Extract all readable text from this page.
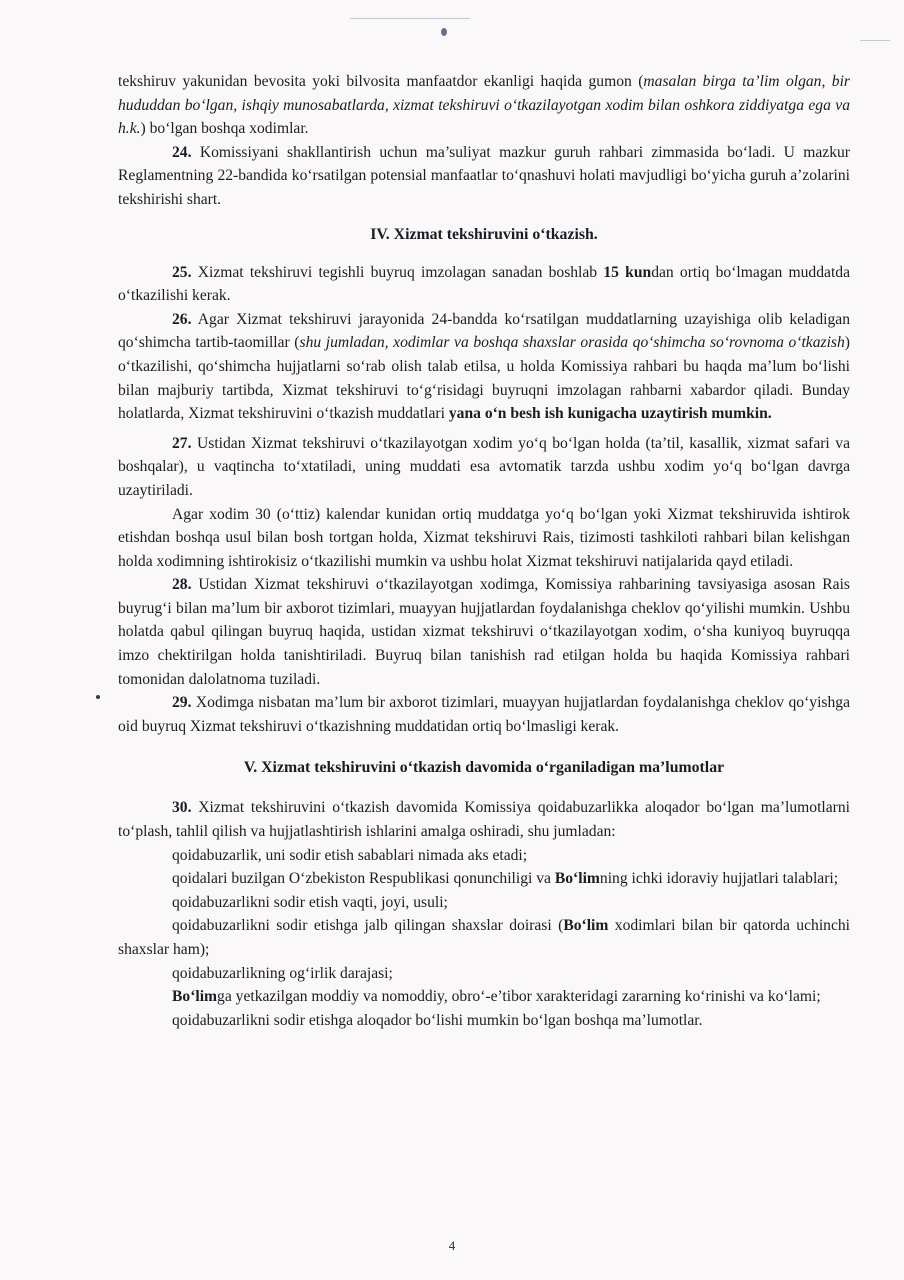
tekshiruv yakunidan bevosita yoki bilvosita manfaatdor ekanligi haqida gumon (masalan birga ta’lim olgan, bir hududdan bo‘lgan, ishqiy munosabatlarda, xizmat tekshiruvi o‘tkazilayotgan xodim bilan oshkora ziddiyatga ega va h.k.) bo‘lgan boshqa xodimlar.

24. Komissiyani shakllantirish uchun ma’suliyat mazkur guruh rahbari zimmasida bo‘ladi. U mazkur Reglamentning 22-bandida ko‘rsatilgan potensial manfaatlar to‘qnashuvi holati mavjudligi bo‘yicha guruh a’zolarini tekshirishi shart.

IV. Xizmat tekshiruvini o‘tkazish.

25. Xizmat tekshiruvi tegishli buyruq imzolagan sanadan boshlab 15 kundan ortiq bo‘lmagan muddatda o‘tkazilishi kerak.

26. Agar Xizmat tekshiruvi jarayonida 24-bandda ko‘rsatilgan muddatlarning uzayishiga olib keladigan qo‘shimcha tartib-taomillar (shu jumladan, xodimlar va boshqa shaxslar orasida qo‘shimcha so‘rovnoma o‘tkazish) o‘tkazilishi, qo‘shimcha hujjatlarni so‘rab olish talab etilsa, u holda Komissiya rahbari bu haqda ma’lum bo‘lishi bilan majburiy tartibda, Xizmat tekshiruvi to‘g‘risidagi buyruqni imzolagan rahbarni xabardor qiladi. Bunday holatlarda, Xizmat tekshiruvini o‘tkazish muddatlari yana o‘n besh ish kunigacha uzaytirish mumkin.

27. Ustidan Xizmat tekshiruvi o‘tkazilayotgan xodim yo‘q bo‘lgan holda (ta’til, kasallik, xizmat safari va boshqalar), u vaqtincha to‘xtatiladi, uning muddati esa avtomatik tarzda ushbu xodim yo‘q bo‘lgan davrga uzaytiriladi.

Agar xodim 30 (o‘ttiz) kalendar kunidan ortiq muddatga yo‘q bo‘lgan yoki Xizmat tekshiruvida ishtirok etishdan boshqa usul bilan bosh tortgan holda, Xizmat tekshiruvi Rais, tizimosti tashkiloti rahbari bilan kelishgan holda xodimning ishtirokisiz o‘tkazilishi mumkin va ushbu holat Xizmat tekshiruvi natijalarida qayd etiladi.

28. Ustidan Xizmat tekshiruvi o‘tkazilayotgan xodimga, Komissiya rahbarining tavsiyasiga asosan Rais buyrug‘i bilan ma’lum bir axborot tizimlari, muayyan hujjatlardan foydalanishga cheklov qo‘yilishi mumkin. Ushbu holatda qabul qilingan buyruq haqida, ustidan xizmat tekshiruvi o‘tkazilayotgan xodim, o‘sha kuniyoq buyruqqa imzo chektirilgan holda tanishtiriladi. Buyruq bilan tanishish rad etilgan holda bu haqida Komissiya rahbari tomonidan dalolatnoma tuziladi.

29. Xodimga nisbatan ma’lum bir axborot tizimlari, muayyan hujjatlardan foydalanishga cheklov qo‘yishga oid buyruq Xizmat tekshiruvi o‘tkazishning muddatidan ortiq bo‘lmasligi kerak.

V. Xizmat tekshiruvini o‘tkazish davomida o‘rganiladigan ma’lumotlar

30. Xizmat tekshiruvini o‘tkazish davomida Komissiya qoidabuzarlikka aloqador bo‘lgan ma’lumotlarni to‘plash, tahlil qilish va hujjatlashtirish ishlarini amalga oshiradi, shu jumladan:

qoidabuzarlik, uni sodir etish sabablari nimada aks etadi;

qoidalari buzilgan O‘zbekiston Respublikasi qonunchiligi va Bo‘limning ichki idoraviy hujjatlari talablari;

qoidabuzarlikni sodir etish vaqti, joyi, usuli;

qoidabuzarlikni sodir etishga jalb qilingan shaxslar doirasi (Bo‘lim xodimlari bilan bir qatorda uchinchi shaxslar ham);

qoidabuzarlikning og‘irlik darajasi;

Bo‘limga yetkazilgan moddiy va nomoddiy, obro‘-e’tibor xarakteridagi zararning ko‘rinishi va ko‘lami;

qoidabuzarlikni sodir etishga aloqador bo‘lishi mumkin bo‘lgan boshqa ma’lumotlar.

4
